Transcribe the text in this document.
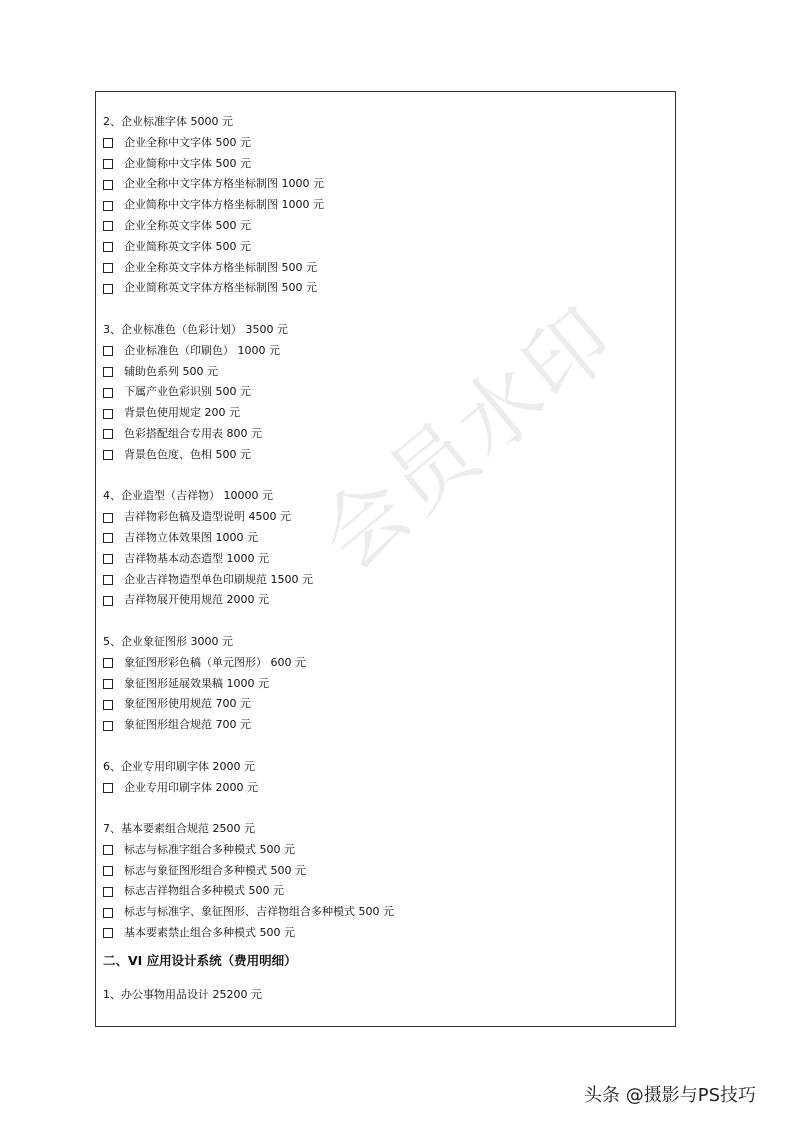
会员水印
2、企业标准字体 5000 元
企业全称中文字体 500 元
企业简称中文字体 500 元
企业全称中文字体方格坐标制图 1000 元
企业简称中文字体方格坐标制图 1000 元
企业全称英文字体 500 元
企业简称英文字体 500 元
企业全称英文字体方格坐标制图 500 元
企业简称英文字体方格坐标制图 500 元
3、企业标准色（色彩计划） 3500 元
企业标准色（印刷色） 1000 元
辅助色系列 500 元
下属产业色彩识别 500 元
背景色使用规定 200 元
色彩搭配组合专用表 800 元
背景色色度、色相 500 元
4、企业造型（吉祥物） 10000 元
吉祥物彩色稿及造型说明 4500 元
吉祥物立体效果图 1000 元
吉祥物基本动态造型 1000 元
企业吉祥物造型单色印刷规范 1500 元
吉祥物展开使用规范 2000 元
5、企业象征图形 3000 元
象征图形彩色稿（单元图形） 600 元
象征图形延展效果稿 1000 元
象征图形使用规范 700 元
象征图形组合规范 700 元
6、企业专用印刷字体 2000 元
企业专用印刷字体 2000 元
7、基本要素组合规范 2500 元
标志与标准字组合多种模式 500 元
标志与象征图形组合多种模式 500 元
标志吉祥物组合多种模式 500 元
标志与标准字、象征图形、吉祥物组合多种模式 500 元
基本要素禁止组合多种模式 500 元
二、VI 应用设计系统（费用明细）
1、办公事物用品设计 25200 元
头条 @摄影与PS技巧
